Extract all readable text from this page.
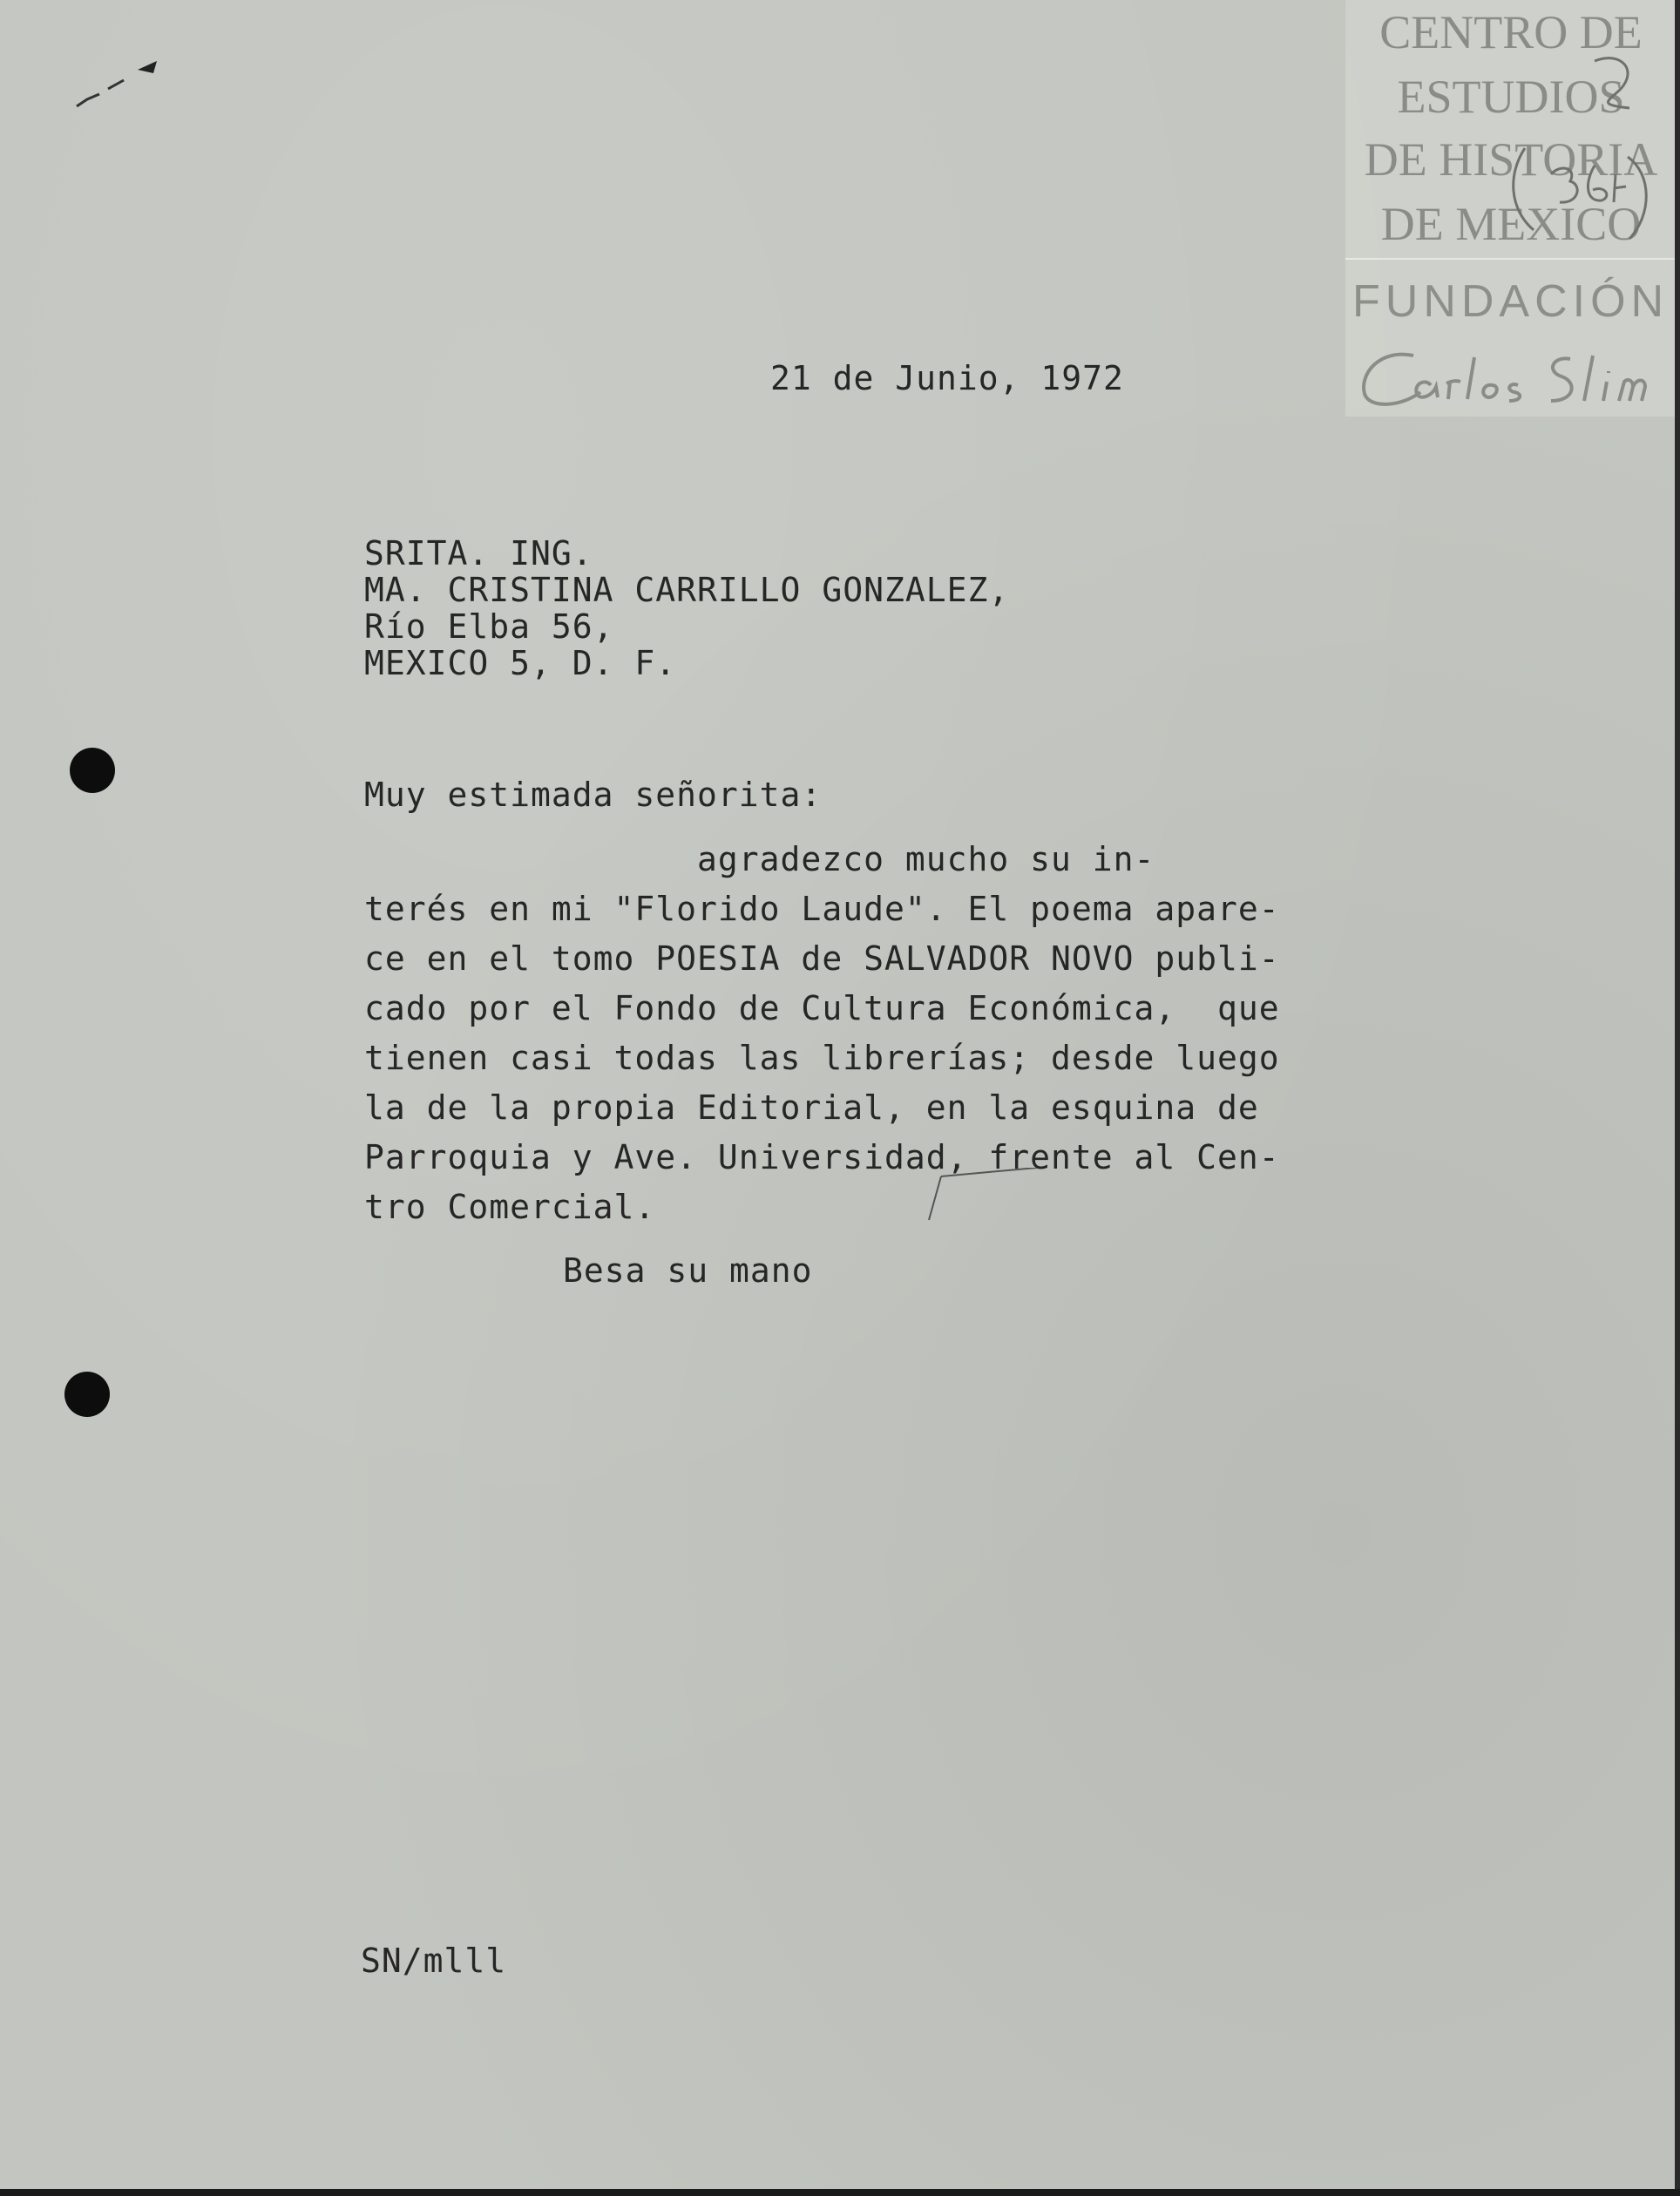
CENTRO DE
ESTUDIOS
DE HISTORIA
DE MEXICO
FUNDACIÓN
21 de Junio, 1972
SRITA. ING.
MA. CRISTINA CARRILLO GONZALEZ,
Río Elba 56,
MEXICO 5, D. F.
Muy estimada señorita:
agradezco mucho su in-
terés en mi "Florido Laude". El poema apare-
ce en el tomo POESIA de SALVADOR NOVO publi-
cado por el Fondo de Cultura Económica,  que
tienen casi todas las librerías; desde luego
la de la propia Editorial, en la esquina de
Parroquia y Ave. Universidad, frente al Cen-
tro Comercial.
Besa su mano
SN/mlll
